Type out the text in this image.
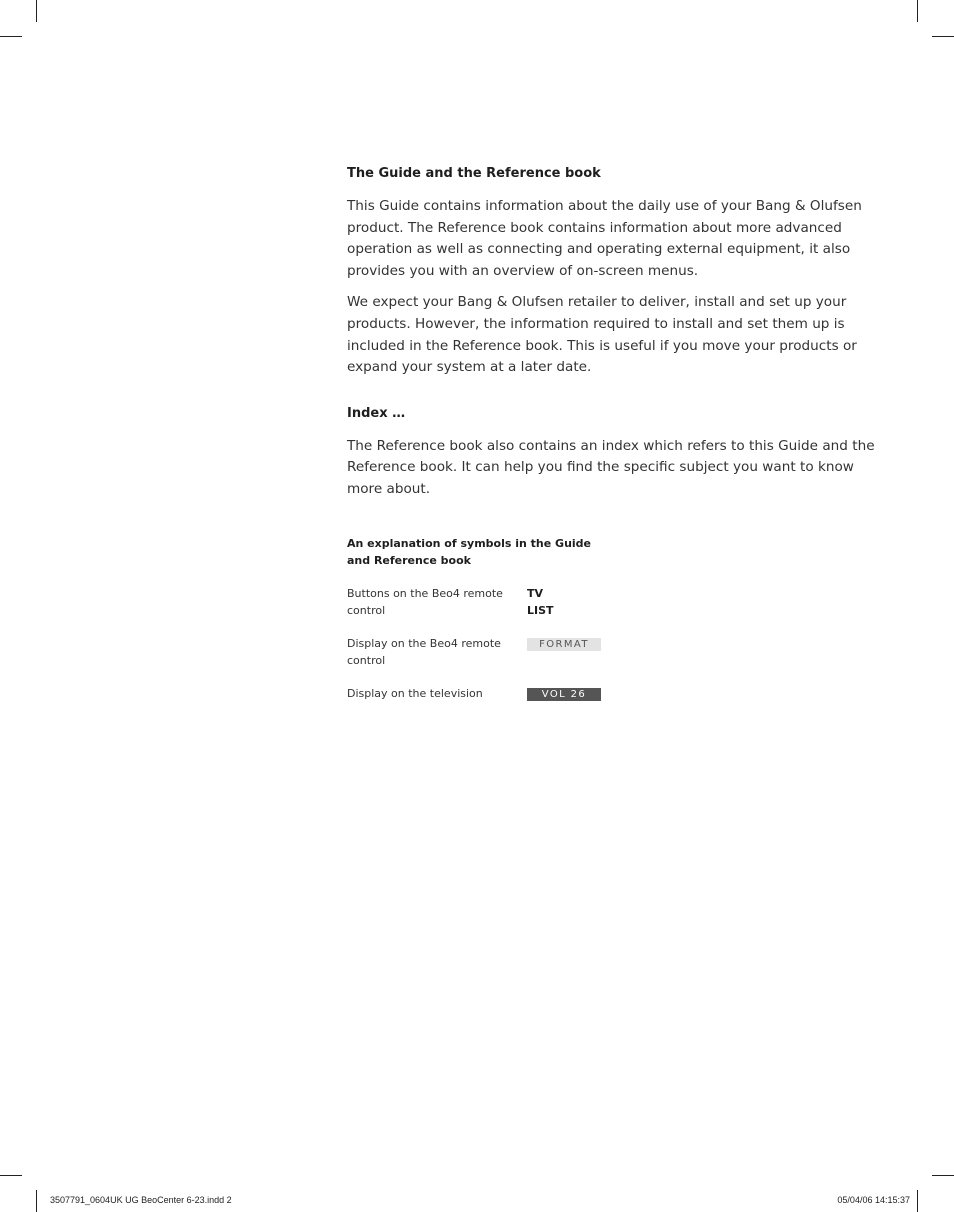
The Guide and the Reference book

This Guide contains information about the daily use of your Bang & Olufsen product. The Reference book contains information about more advanced operation as well as connecting and operating external equipment, it also provides you with an overview of on-screen menus.

We expect your Bang & Olufsen retailer to deliver, install and set up your products. However, the information required to install and set them up is included in the Reference book. This is useful if you move your products or expand your system at a later date.

Index …

The Reference book also contains an index which refers to this Guide and the Reference book. It can help you find the specific subject you want to know more about.

An explanation of symbols in the Guide and Reference book

Buttons on the Beo4 remote control
TV
LIST
Display on the Beo4 remote control
FORMAT
Display on the television	VOL 26
3507791_0604UK UG BeoCenter 6-23.indd 2	05/04/06 14:15:37
